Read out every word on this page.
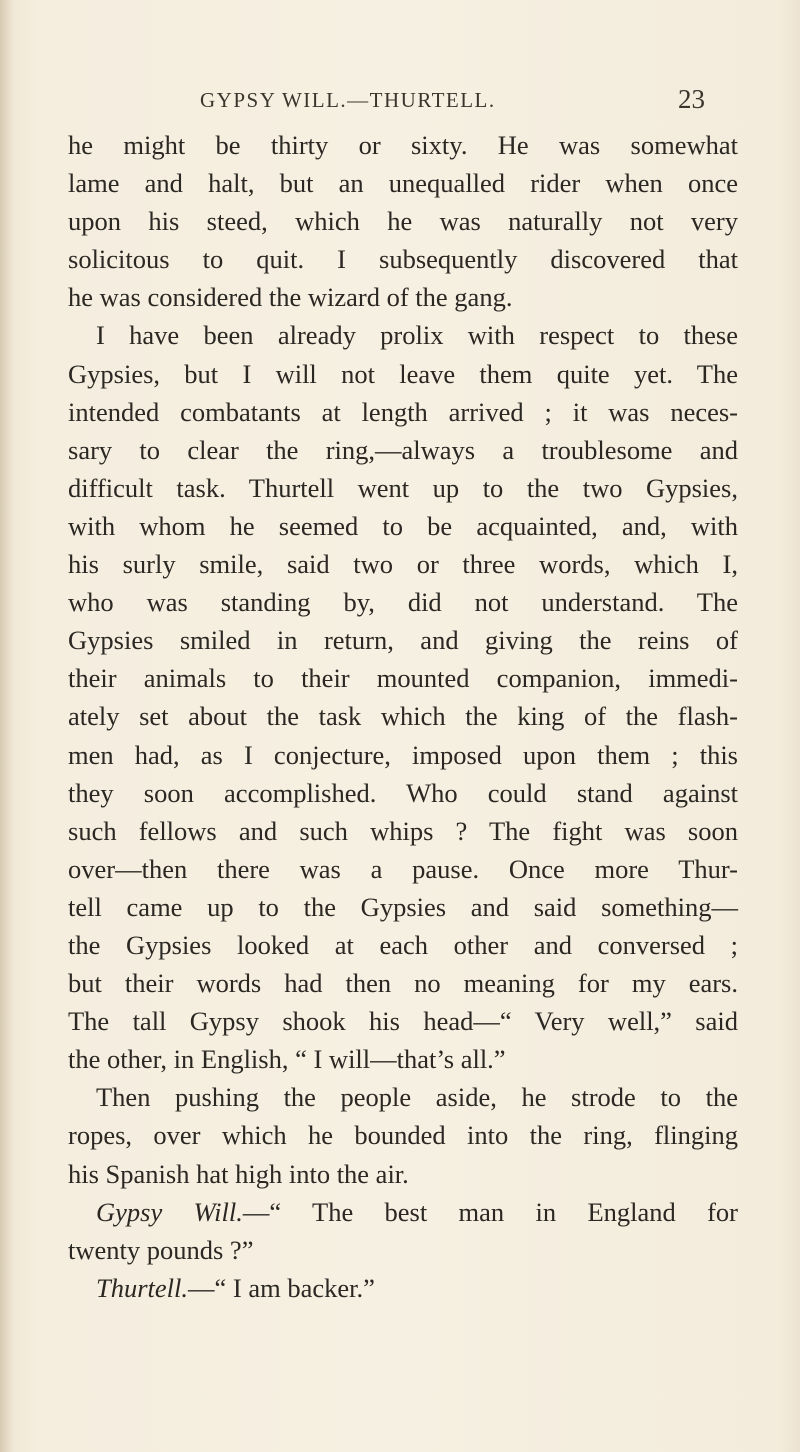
GYPSY WILL.—THURTELL.	23
he might be thirty or sixty. He was somewhat
lame and halt, but an unequalled rider when once
upon his steed, which he was naturally not very
solicitous to quit. I subsequently discovered that
he was considered the wizard of the gang.
I have been already prolix with respect to these
Gypsies, but I will not leave them quite yet. The
intended combatants at length arrived ; it was neces-
sary to clear the ring,—always a troublesome and
difficult task. Thurtell went up to the two Gypsies,
with whom he seemed to be acquainted, and, with
his surly smile, said two or three words, which I,
who was standing by, did not understand. The
Gypsies smiled in return, and giving the reins of
their animals to their mounted companion, immedi-
ately set about the task which the king of the flash-
men had, as I conjecture, imposed upon them ; this
they soon accomplished. Who could stand against
such fellows and such whips ? The fight was soon
over—then there was a pause. Once more Thur-
tell came up to the Gypsies and said something—
the Gypsies looked at each other and conversed ;
but their words had then no meaning for my ears.
The tall Gypsy shook his head—“ Very well,” said
the other, in English, “ I will—that’s all.”
Then pushing the people aside, he strode to the
ropes, over which he bounded into the ring, flinging
his Spanish hat high into the air.
Gypsy Will.—“ The best man in England for
twenty pounds ?”
Thurtell.—“ I am backer.”
